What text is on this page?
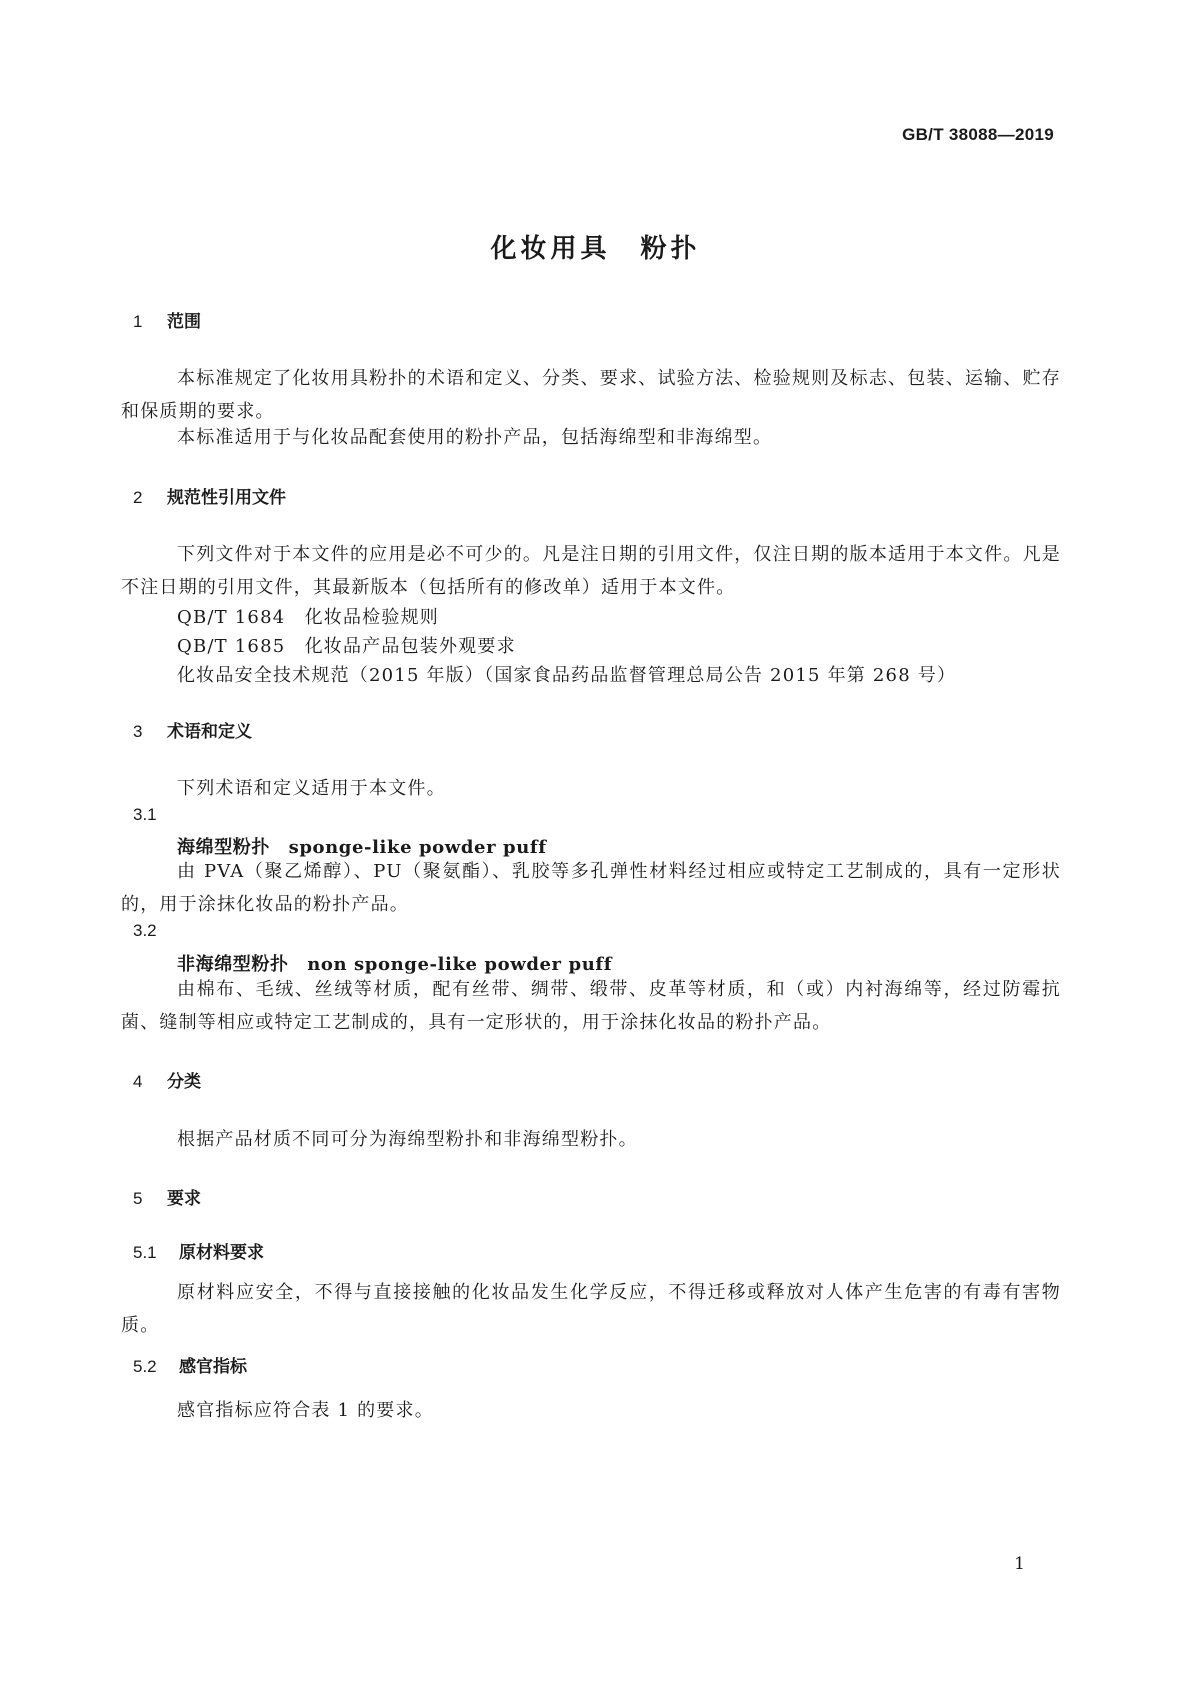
GB/T 38088—2019
化妆用具　粉扑
1 范围
本标准规定了化妆用具粉扑的术语和定义、分类、要求、试验方法、检验规则及标志、包装、运输、贮存和保质期的要求。
本标准适用于与化妆品配套使用的粉扑产品，包括海绵型和非海绵型。
2 规范性引用文件
下列文件对于本文件的应用是必不可少的。凡是注日期的引用文件，仅注日期的版本适用于本文件。凡是不注日期的引用文件，其最新版本（包括所有的修改单）适用于本文件。
QB/T 1684　化妆品检验规则
QB/T 1685　化妆品产品包装外观要求
化妆品安全技术规范（2015 年版）（国家食品药品监督管理总局公告 2015 年第 268 号）
3 术语和定义
下列术语和定义适用于本文件。
3.1
海绵型粉扑　sponge-like powder puff
由 PVA（聚乙烯醇）、PU（聚氨酯）、乳胶等多孔弹性材料经过相应或特定工艺制成的，具有一定形状的，用于涂抹化妆品的粉扑产品。
3.2
非海绵型粉扑　non sponge-like powder puff
由棉布、毛绒、丝绒等材质，配有丝带、绸带、缎带、皮革等材质，和（或）内衬海绵等，经过防霉抗菌、缝制等相应或特定工艺制成的，具有一定形状的，用于涂抹化妆品的粉扑产品。
4 分类
根据产品材质不同可分为海绵型粉扑和非海绵型粉扑。
5 要求
5.1 原材料要求
原材料应安全，不得与直接接触的化妆品发生化学反应，不得迁移或释放对人体产生危害的有毒有害物质。
5.2 感官指标
感官指标应符合表 1 的要求。
1
